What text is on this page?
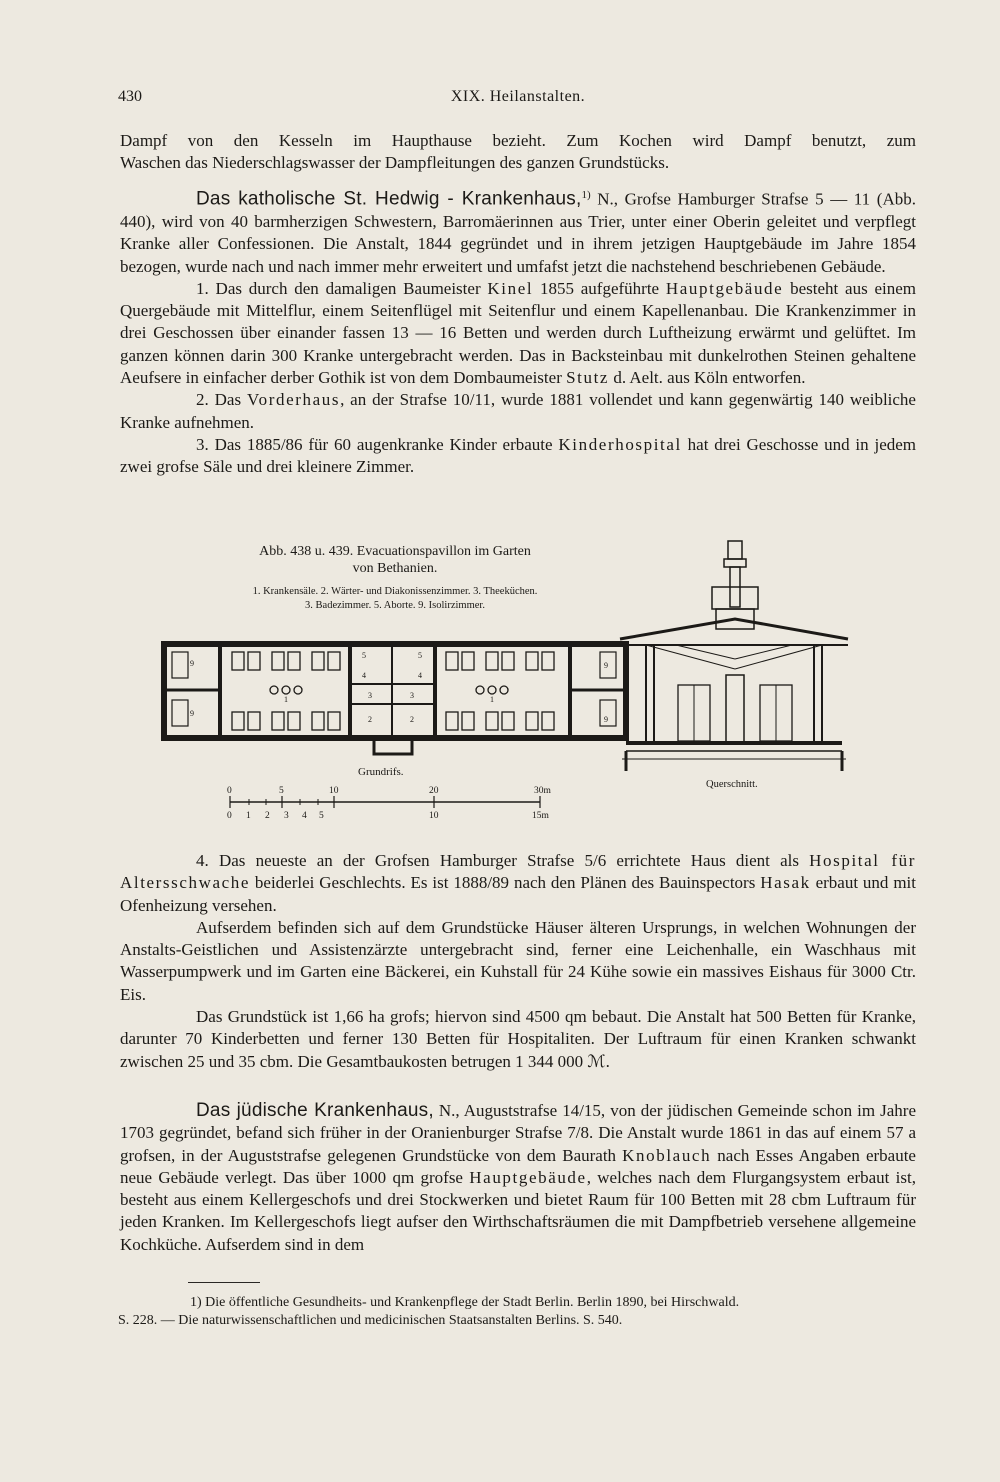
430	XIX. Heilanstalten.

Dampf von den Kesseln im Haupthause bezieht. Zum Kochen wird Dampf benutzt, zum

Waschen das Niederschlagswasser der Dampfleitungen des ganzen Grundstücks.

Das katholische St. Hedwig - Krankenhaus,$^{1)}$ N., Grofse Hamburger Strafse 5 — 11 (Abb. 440), wird von 40 barmherzigen Schwestern, Barromäerinnen aus Trier, unter einer Oberin geleitet und verpflegt Kranke aller Confessionen. Die Anstalt, 1844 gegründet und in ihrem jetzigen Hauptgebäude im Jahre 1854 bezogen, wurde nach und nach immer mehr erweitert und umfafst jetzt die nachstehend beschriebenen Gebäude.

1. Das durch den damaligen Baumeister Kinel 1855 aufgeführte Hauptgebäude besteht aus einem Quergebäude mit Mittelflur, einem Seitenflügel mit Seitenflur und einem Kapellenanbau. Die Krankenzimmer in drei Geschossen über einander fassen 13 — 16 Betten und werden durch Luftheizung erwärmt und gelüftet. Im ganzen können darin 300 Kranke untergebracht werden. Das in Backsteinbau mit dunkelrothen Steinen gehaltene Aeufsere in einfacher derber Gothik ist von dem Dombaumeister Stutz d. Aelt. aus Köln entworfen.

2. Das Vorderhaus, an der Strafse 10/11, wurde 1881 vollendet und kann gegenwärtig 140 weibliche Kranke aufnehmen.

3. Das 1885/86 für 60 augenkranke Kinder erbaute Kinderhospital hat drei Geschosse und in jedem zwei grofse Säle und drei kleinere Zimmer.

Abb. 438 u. 439. Evacuationspavillon im Garten
von Bethanien.
1. Krankensäle. 2. Wärter- und Diakonissenzimmer. 3. Theeküchen.
3. Badezimmer. 5. Aborte. 9. Isolirzimmer.
9
9
9
9
1	1
2	2
3	3
4	4
5	5
Querschnitt.
Grundrifs.
0	5	10	20	30m
0 1 2 3 4 5	10	15m

4. Das neueste an der Grofsen Hamburger Strafse 5/6 errichtete Haus dient als Hospital für Altersschwache beiderlei Geschlechts. Es ist 1888/89 nach den Plänen des Bauinspectors Hasak erbaut und mit Ofenheizung versehen.

Aufserdem befinden sich auf dem Grundstücke Häuser älteren Ursprungs, in welchen Wohnungen der Anstalts-Geistlichen und Assistenzärzte untergebracht sind, ferner eine Leichenhalle, ein Waschhaus mit Wasserpumpwerk und im Garten eine Bäckerei, ein Kuhstall für 24 Kühe sowie ein massives Eishaus für 3000 Ctr. Eis.

Das Grundstück ist 1,66 ha grofs; hiervon sind 4500 qm bebaut. Die Anstalt hat 500 Betten für Kranke, darunter 70 Kinderbetten und ferner 130 Betten für Hospitaliten. Der Luftraum für einen Kranken schwankt zwischen 25 und 35 cbm. Die Gesamtbaukosten betrugen 1 344 000 ℳ.

Das jüdische Krankenhaus, N., Auguststrafse 14/15, von der jüdischen Gemeinde schon im Jahre 1703 gegründet, befand sich früher in der Oranienburger Strafse 7/8. Die Anstalt wurde 1861 in das auf einem 57 a grofsen, in der Auguststrafse gelegenen Grundstücke von dem Baurath Knoblauch nach Esses Angaben erbaute neue Gebäude verlegt. Das über 1000 qm grofse Hauptgebäude, welches nach dem Flurgangsystem erbaut ist, besteht aus einem Kellergeschofs und drei Stockwerken und bietet Raum für 100 Betten mit 28 cbm Luftraum für jeden Kranken. Im Kellergeschofs liegt aufser den Wirthschaftsräumen die mit Dampfbetrieb versehene allgemeine Kochküche. Aufserdem sind in dem

1) Die öffentliche Gesundheits- und Krankenpflege der Stadt Berlin. Berlin 1890, bei Hirschwald.
S. 228. — Die naturwissenschaftlichen und medicinischen Staatsanstalten Berlins. S. 540.
